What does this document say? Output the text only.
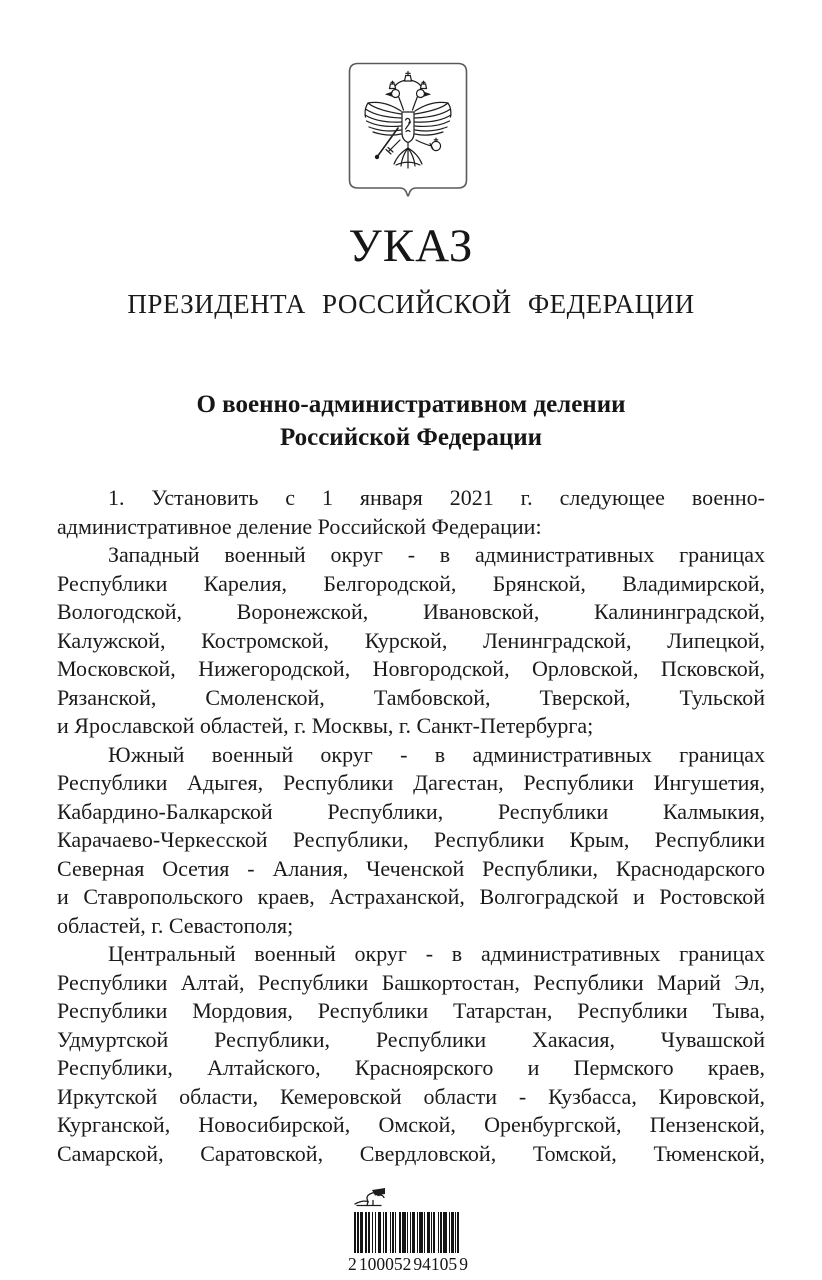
УКАЗ
ПРЕЗИДЕНТА РОССИЙСКОЙ ФЕДЕРАЦИИ
О военно-административном делении
Российской Федерации
1. Установить с 1 января 2021 г. следующее военно-
административное деление Российской Федерации:
Западный военный округ - в административных границах
Республики Карелия, Белгородской, Брянской, Владимирской,
Вологодской, Воронежской, Ивановской, Калининградской,
Калужской, Костромской, Курской, Ленинградской, Липецкой,
Московской, Нижегородской, Новгородской, Орловской, Псковской,
Рязанской, Смоленской, Тамбовской, Тверской, Тульской
и Ярославской областей, г. Москвы, г. Санкт-Петербурга;
Южный военный округ - в административных границах
Республики Адыгея, Республики Дагестан, Республики Ингушетия,
Кабардино-Балкарской Республики, Республики Калмыкия,
Карачаево-Черкесской Республики, Республики Крым, Республики
Северная Осетия - Алания, Чеченской Республики, Краснодарского
и Ставропольского краев, Астраханской, Волгоградской и Ростовской
областей, г. Севастополя;
Центральный военный округ - в административных границах
Республики Алтай, Республики Башкортостан, Республики Марий Эл,
Республики Мордовия, Республики Татарстан, Республики Тыва,
Удмуртской Республики, Республики Хакасия, Чувашской
Республики, Алтайского, Красноярского и Пермского краев,
Иркутской области, Кемеровской области - Кузбасса, Кировской,
Курганской, Новосибирской, Омской, Оренбургской, Пензенской,
Самарской, Саратовской, Свердловской, Томской, Тюменской,
2 100052 94105 9
